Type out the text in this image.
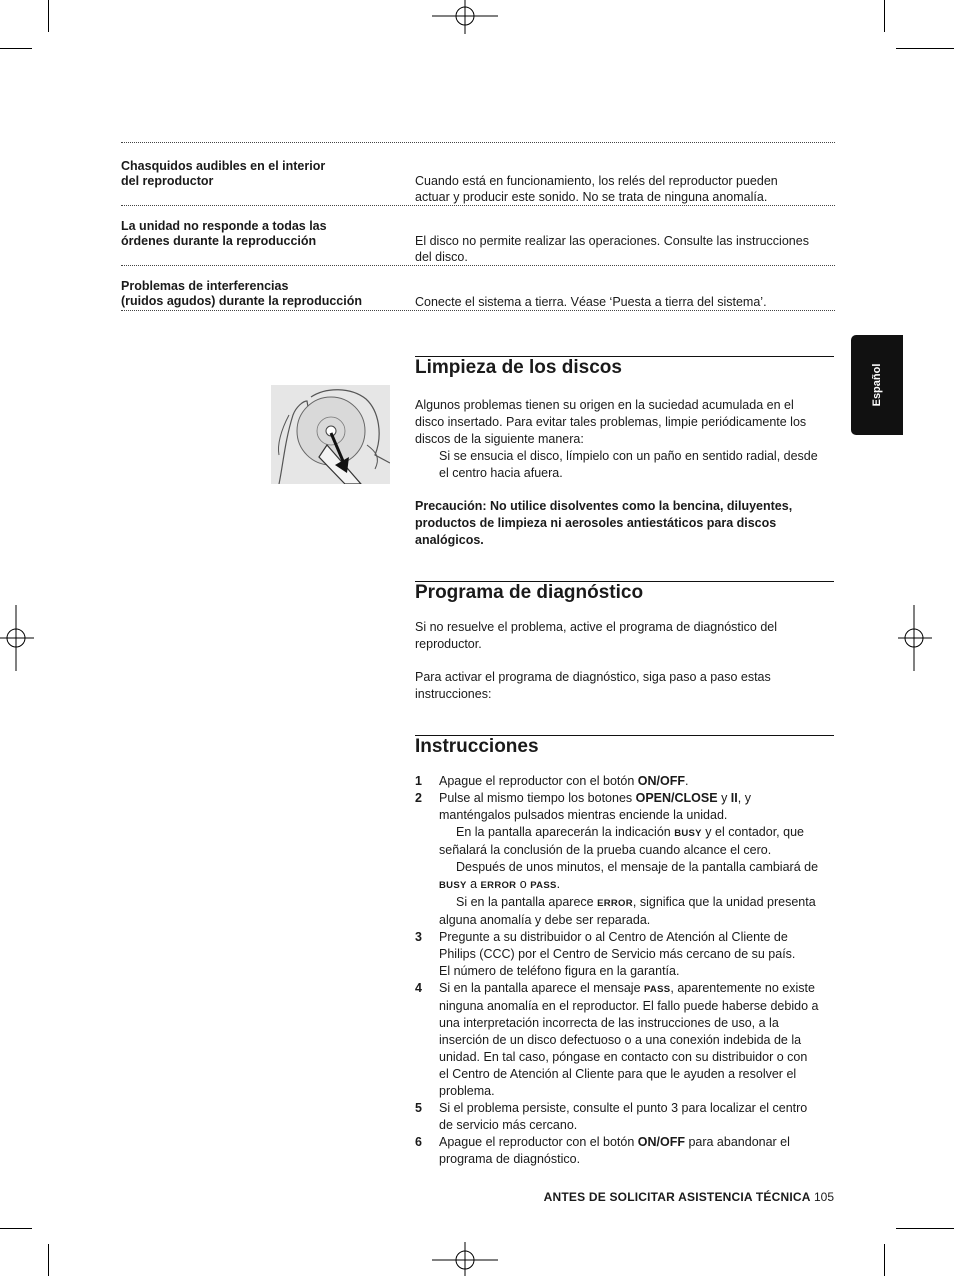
Chasquidos audibles en el interior
del reproductor	Cuando está en funcionamiento, los relés del reproductor pueden
actuar y producir este sonido. No se trata de ninguna anomalía.
La unidad no responde a todas las
órdenes durante la reproducción	El disco no permite realizar las operaciones. Consulte las instrucciones
del disco.
Problemas de interferencias
(ruidos agudos) durante la reproducción	Conecte el sistema a tierra. Véase ‘Puesta a tierra del sistema’.
Español
Limpieza de los discos

Algunos problemas tienen su origen en la suciedad acumulada en el

disco insertado. Para evitar tales problemas, limpie periódicamente los

discos de la siguiente manera:

Si se ensucia el disco, límpielo con un paño en sentido radial, desde

el centro hacia afuera.

Precaución: No utilice disolventes como la bencina, diluyentes,

productos de limpieza ni aerosoles antiestáticos para discos

analógicos.

Programa de diagnóstico

Si no resuelve el problema, active el programa de diagnóstico del

reproductor.

Para activar el programa de diagnóstico, siga paso a paso estas

instrucciones:

Instrucciones
1 Apague el reproductor con el botón ON/OFF.
2 Pulse al mismo tiempo los botones OPEN/CLOSE y II, y
manténgalos pulsados mientras enciende la unidad.
En la pantalla aparecerán la indicación BUSY y el contador, que
señalará la conclusión de la prueba cuando alcance el cero.
Después de unos minutos, el mensaje de la pantalla cambiará de
BUSY a ERROR o PASS.
Si en la pantalla aparece ERROR, significa que la unidad presenta
alguna anomalía y debe ser reparada.
3 Pregunte a su distribuidor o al Centro de Atención al Cliente de
Philips (CCC) por el Centro de Servicio más cercano de su país.
El número de teléfono figura en la garantía.
4 Si en la pantalla aparece el mensaje PASS, aparentemente no existe
ninguna anomalía en el reproductor. El fallo puede haberse debido a
una interpretación incorrecta de las instrucciones de uso, a la
inserción de un disco defectuoso o a una conexión indebida de la
unidad. En tal caso, póngase en contacto con su distribuidor o con
el Centro de Atención al Cliente para que le ayuden a resolver el
problema.
5 Si el problema persiste, consulte el punto 3 para localizar el centro
de servicio más cercano.
6 Apague el reproductor con el botón ON/OFF para abandonar el
programa de diagnóstico.
ANTES DE SOLICITAR ASISTENCIA TÉCNICA 105
